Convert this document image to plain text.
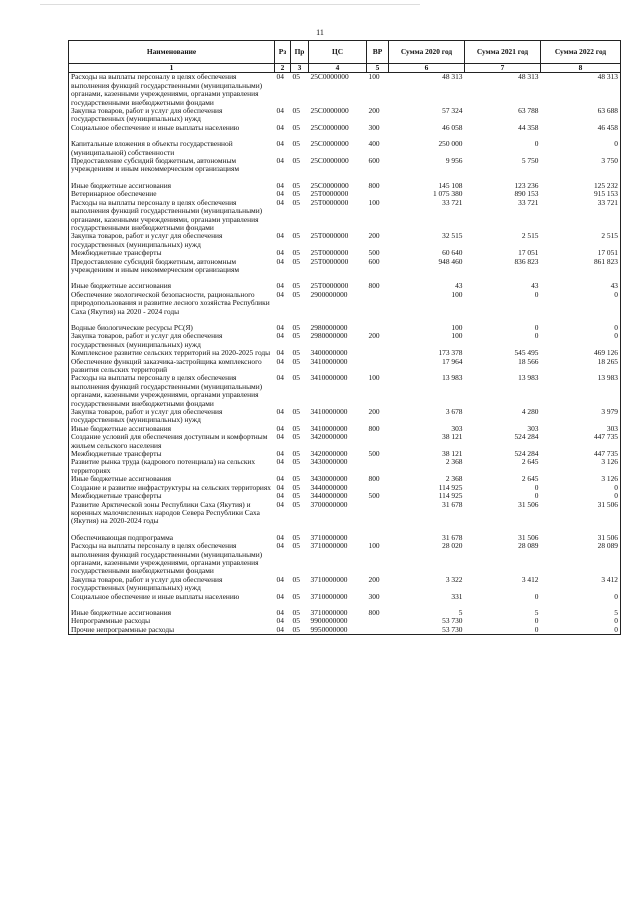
11
Наименование	Рз	Пр	ЦС	ВР	Сумма 2020 год	Сумма 2021 год	Сумма 2022 год
1	2	3	4	5	6	7	8
Расходы на выплаты персоналу в целях обеспечения выполнения функций государственными (муниципальными) органами, казенными учреждениями, органами управления государственными внебюджетными фондами	04	05	25С0000000	100	48 313	48 313	48 313
Закупка товаров, работ и услуг для обеспечения государственных (муниципальных) нужд	04	05	25С0000000	200	57 324	63 788	63 688
Социальное обеспечение и иные выплаты населению	04	05	25С0000000	300	46 058	44 358	46 458

Капитальные вложения в объекты государственной (муниципальной) собственности	04	05	25С0000000	400	250 000	0	0
Предоставление субсидий бюджетным, автономным учреждениям и иным некоммерческим организациям	04	05	25С0000000	600	9 956	5 750	3 750

Иные бюджетные ассигнования	04	05	25С0000000	800	145 108	123 236	125 232
Ветеринарное обеспечение	04	05	25Т0000000		1 075 380	890 153	915 153
Расходы на выплаты персоналу в целях обеспечения выполнения функций государственными (муниципальными) органами, казенными учреждениями, органами управления государственными внебюджетными фондами	04	05	25Т0000000	100	33 721	33 721	33 721
Закупка товаров, работ и услуг для обеспечения государственных (муниципальных) нужд	04	05	25Т0000000	200	32 515	2 515	2 515
Межбюджетные трансферты	04	05	25Т0000000	500	60 640	17 051	17 051
Предоставление субсидий бюджетным, автономным учреждениям и иным некоммерческим организациям	04	05	25Т0000000	600	948 460	836 823	861 823

Иные бюджетные ассигнования	04	05	25Т0000000	800	43	43	43
Обеспечение экологической безопасности, рационального природопользования и развитие лесного хозяйства Республики Саха (Якутия) на 2020 - 2024 годы	04	05	2900000000		100	0	0

Водные биологические ресурсы РС(Я)	04	05	2980000000		100	0	0
Закупка товаров, работ и услуг для обеспечения государственных (муниципальных) нужд	04	05	2980000000	200	100	0	0
Комплексное развитие сельских территорий на 2020-2025 годы	04	05	3400000000		173 378	545 495	469 126
Обеспечение функций заказчика-застройщика комплексного развития сельских территорий	04	05	3410000000		17 964	18 566	18 265
Расходы на выплаты персоналу в целях обеспечения выполнения функций государственными (муниципальными) органами, казенными учреждениями, органами управления государственными внебюджетными фондами	04	05	3410000000	100	13 983	13 983	13 983
Закупка товаров, работ и услуг для обеспечения государственных (муниципальных) нужд	04	05	3410000000	200	3 678	4 280	3 979
Иные бюджетные ассигнования	04	05	3410000000	800	303	303	303
Создание условий для обеспечения доступным и комфортным жильем сельского населения	04	05	3420000000		38 121	524 284	447 735
Межбюджетные трансферты	04	05	3420000000	500	38 121	524 284	447 735
Развитие рынка труда (кадрового потенциала) на сельских территориях	04	05	3430000000		2 368	2 645	3 126
Иные бюджетные ассигнования	04	05	3430000000	800	2 368	2 645	3 126
Создание и развитие инфраструктуры на сельских территориях	04	05	3440000000		114 925	0	0
Межбюджетные трансферты	04	05	3440000000	500	114 925	0	0
Развитие Арктической зоны Республики Саха (Якутия) и коренных малочисленных народов Севера Республики Саха (Якутия) на 2020-2024 годы	04	05	3700000000		31 678	31 506	31 506

Обеспечивающая подпрограмма	04	05	3710000000		31 678	31 506	31 506
Расходы на выплаты персоналу в целях обеспечения выполнения функций государственными (муниципальными) органами, казенными учреждениями, органами управления государственными внебюджетными фондами	04	05	3710000000	100	28 020	28 089	28 089
Закупка товаров, работ и услуг для обеспечения государственных (муниципальных) нужд	04	05	3710000000	200	3 322	3 412	3 412
Социальное обеспечение и иные выплаты населению	04	05	3710000000	300	331	0	0

Иные бюджетные ассигнования	04	05	3710000000	800	5	5	5
Непрограммные расходы	04	05	9900000000		53 730	0	0
Прочие непрограммные расходы	04	05	9950000000		53 730	0	0
